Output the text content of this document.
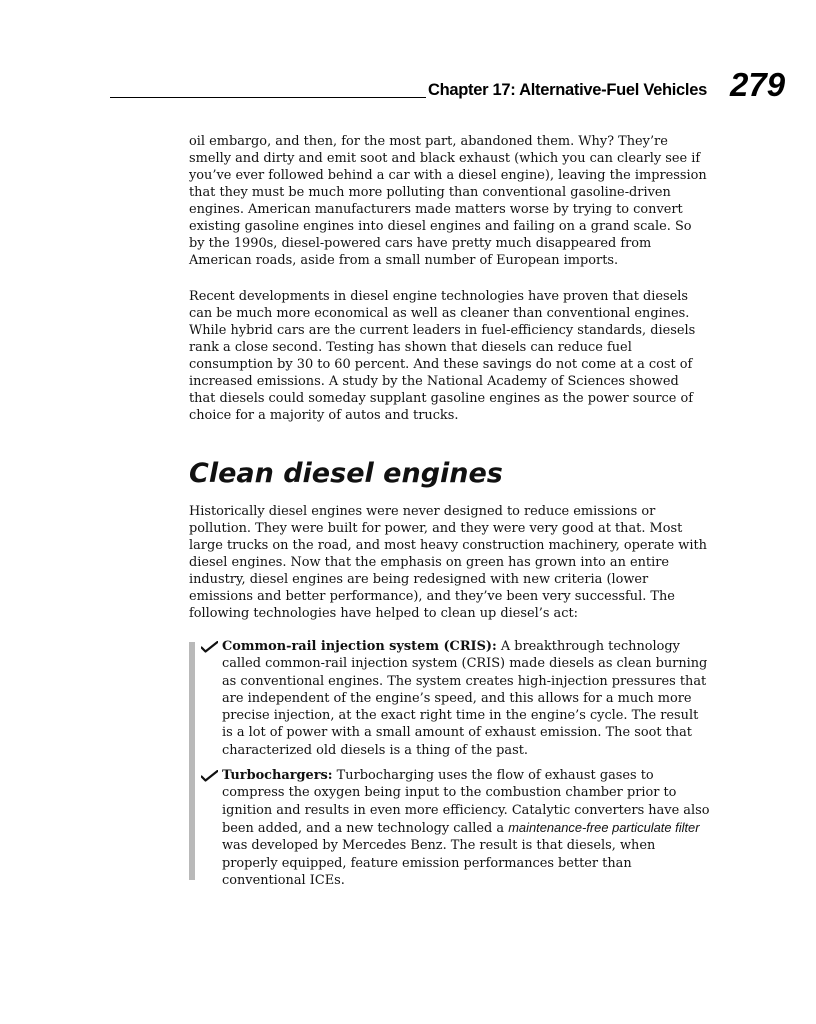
Chapter 17: Alternative-Fuel Vehicles 279

oil embargo, and then, for the most part, abandoned them. Why? They’re smelly and dirty and emit soot and black exhaust (which you can clearly see if you’ve ever followed behind a car with a diesel engine), leaving the impression that they must be much more polluting than conventional gasoline-driven engines. American manufacturers made matters worse by trying to convert existing gasoline engines into diesel engines and failing on a grand scale. So by the 1990s, diesel-powered cars have pretty much disappeared from American roads, aside from a small number of European imports.

Recent developments in diesel engine technologies have proven that diesels can be much more economical as well as cleaner than conventional engines. While hybrid cars are the current leaders in fuel-efficiency standards, diesels rank a close second. Testing has shown that diesels can reduce fuel consumption by 30 to 60 percent. And these savings do not come at a cost of increased emissions. A study by the National Academy of Sciences showed that diesels could someday supplant gasoline engines as the power source of choice for a majority of autos and trucks.

Clean diesel engines

Historically diesel engines were never designed to reduce emissions or pollution. They were built for power, and they were very good at that. Most large trucks on the road, and most heavy construction machinery, operate with diesel engines. Now that the emphasis on green has grown into an entire industry, diesel engines are being redesigned with new criteria (lower emissions and better performance), and they’ve been very successful. The following technologies have helped to clean up diesel’s act:

Common-rail injection system (CRIS): A breakthrough technology called common-rail injection system (CRIS) made diesels as clean burning as conventional engines. The system creates high-injection pressures that are independent of the engine’s speed, and this allows for a much more precise injection, at the exact right time in the engine’s cycle. The result is a lot of power with a small amount of exhaust emission. The soot that characterized old diesels is a thing of the past.
Turbochargers: Turbocharging uses the flow of exhaust gases to compress the oxygen being input to the combustion chamber prior to ignition and results in even more efficiency. Catalytic converters have also been added, and a new technology called a maintenance-free particulate filter was developed by Mercedes Benz. The result is that diesels, when properly equipped, feature emission performances better than conventional ICEs.
